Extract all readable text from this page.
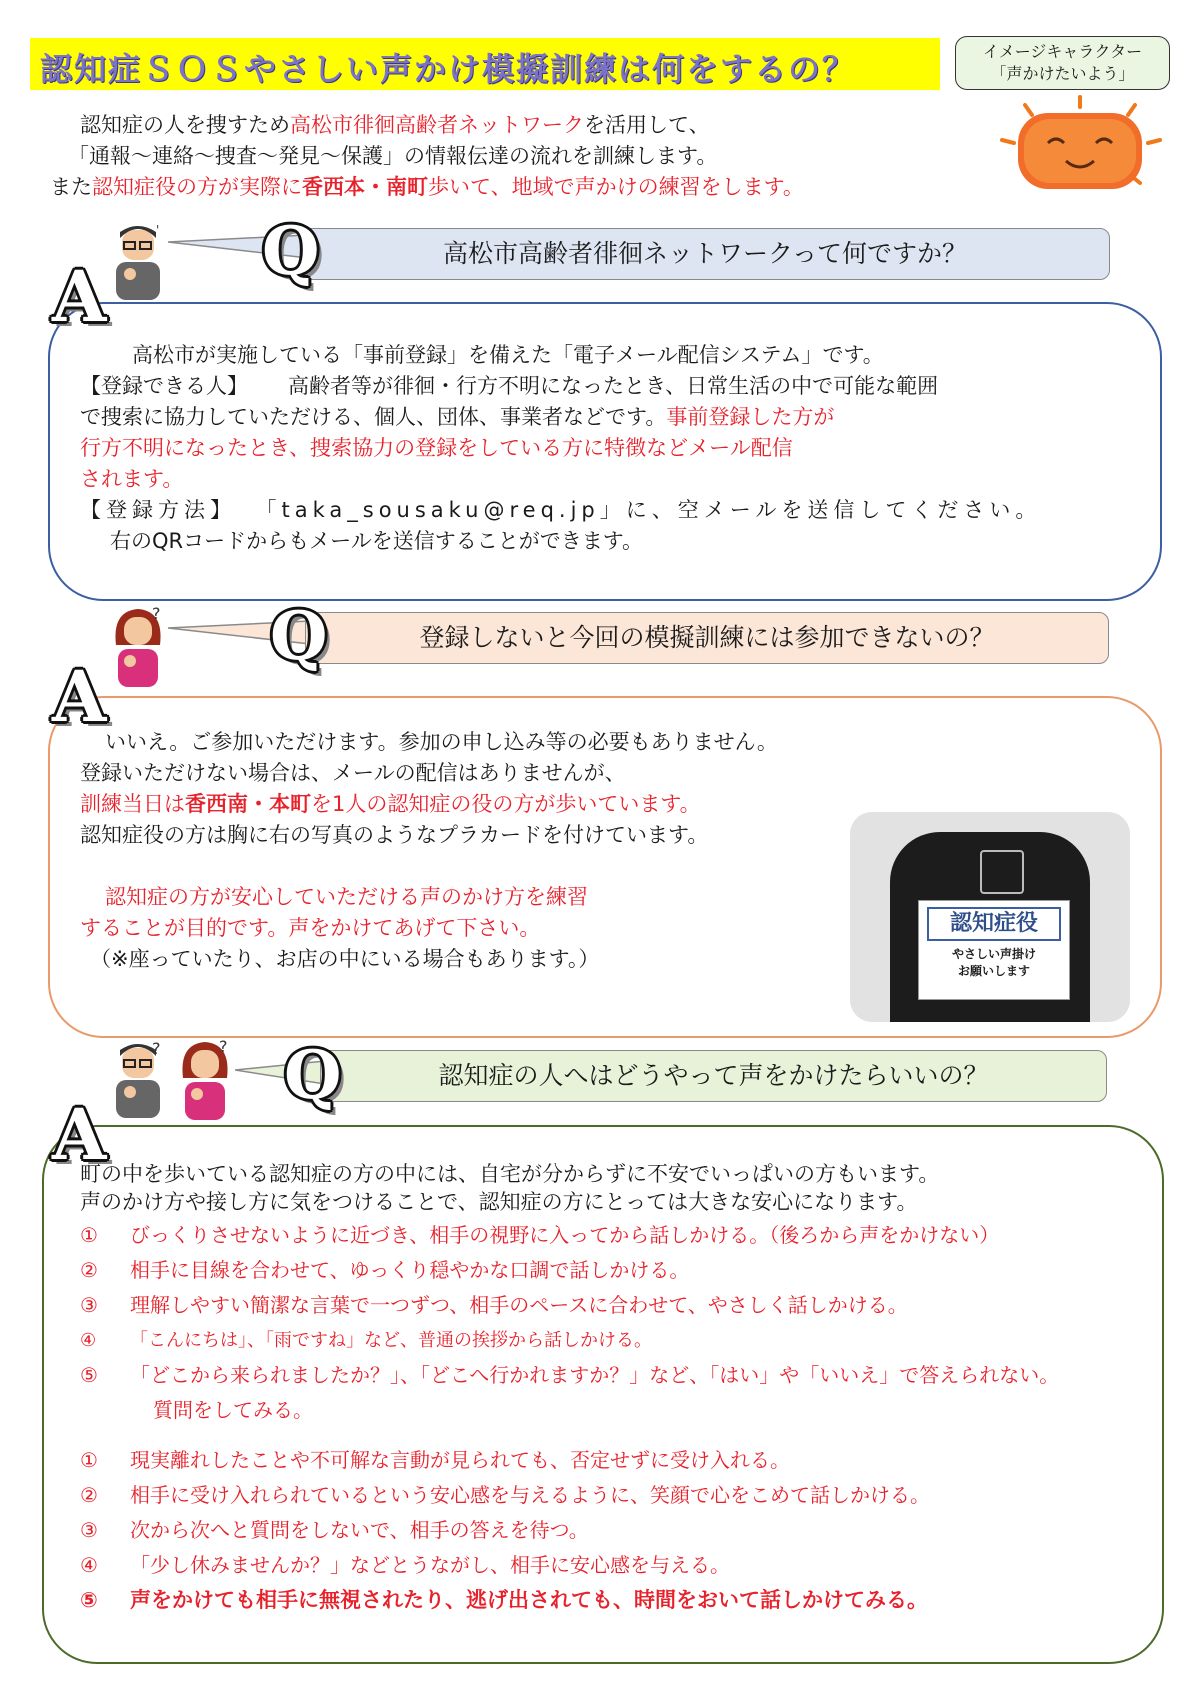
認知症ＳＯＳやさしい声かけ模擬訓練は何をするの？	イメージキャラクター
「声かけたいよう」
認知症の人を捜すため高松市徘徊高齢者ネットワークを活用して、
「通報～連絡～捜査～発見～保護」の情報伝達の流れを訓練します。
また認知症役の方が実際に香西本・南町歩いて、地域で声かけの練習をします。
'
高松市高齢者徘徊ネットワークって何ですか？
Q
A
高松市が実施している「事前登録」を備えた「電子メール配信システム」です。
【登録できる人】 高齢者等が徘徊・行方不明になったとき、日常生活の中で可能な範囲
で捜索に協力していただける、個人、団体、事業者などです。事前登録した方が
行方不明になったとき、捜索協力の登録をしている方に特徴などメール配信
されます。
【登録方法】 「taka_sousaku@req.jp」に、空メールを送信してください。
右のQRコードからもメールを送信することができます。
?
登録しないと今回の模擬訓練には参加できないの？
Q
A
いいえ。ご参加いただけます。参加の申し込み等の必要もありません。
登録いただけない場合は、メールの配信はありませんが、
訓練当日は香西南・本町を1人の認知症の役の方が歩いています。
認知症役の方は胸に右の写真のようなプラカードを付けています。
認知症の方が安心していただける声のかけ方を練習
することが目的です。声をかけてあげて下さい。
（※座っていたり、お店の中にいる場合もあります。）
認知症役
やさしい声掛け
お願いします
?	?
認知症の人へはどうやって声をかけたらいいの？
Q
A
町の中を歩いている認知症の方の中には、自宅が分からずに不安でいっぱいの方もいます。
声のかけ方や接し方に気をつけることで、認知症の方にとっては大きな安心になります。
① びっくりさせないように近づき、相手の視野に入ってから話しかける。（後ろから声をかけない）
② 相手に目線を合わせて、ゆっくり穏やかな口調で話しかける。
③ 理解しやすい簡潔な言葉で一つずつ、相手のペースに合わせて、やさしく話しかける。
④ 「こんにちは」、「雨ですね」など、普通の挨拶から話しかける。
⑤ 「どこから来られましたか？」、「どこへ行かれますか？」など、「はい」や「いいえ」で答えられない。
質問をしてみる。
① 現実離れしたことや不可解な言動が見られても、否定せずに受け入れる。
② 相手に受け入れられているという安心感を与えるように、笑顔で心をこめて話しかける。
③ 次から次へと質問をしないで、相手の答えを待つ。
④ 「少し休みませんか？」などとうながし、相手に安心感を与える。
⑤ 声をかけても相手に無視されたり、逃げ出されても、時間をおいて話しかけてみる。
